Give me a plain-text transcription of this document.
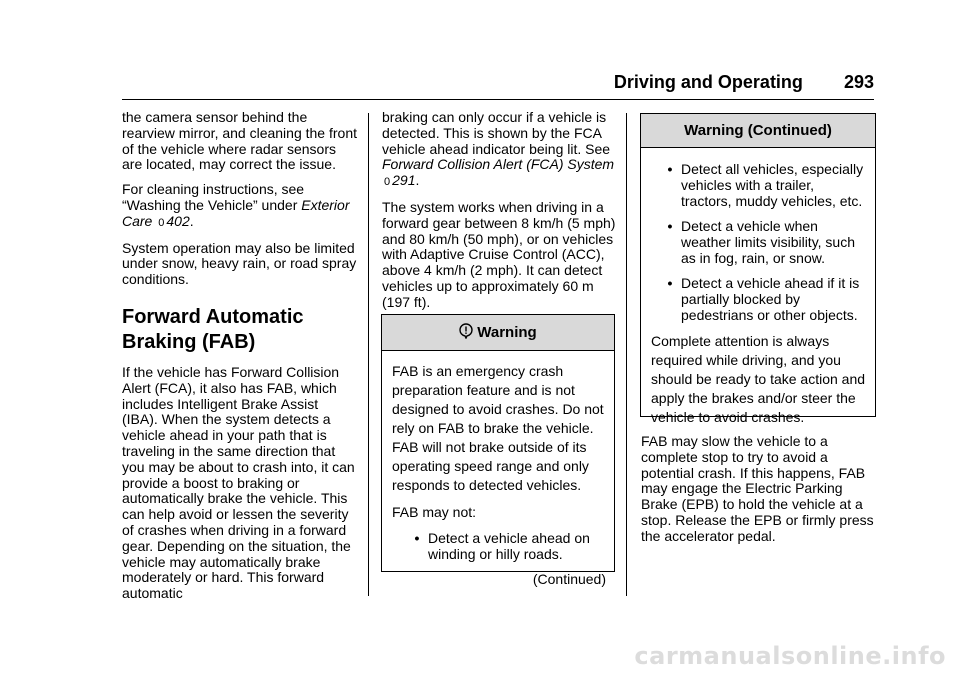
Driving and Operating 293

the camera sensor behind the rearview mirror, and cleaning the front of the vehicle where radar sensors are located, may correct the issue.

For cleaning instructions, see “Washing the Vehicle” under Exterior Care 0 402.

System operation may also be limited under snow, heavy rain, or road spray conditions.

Forward Automatic Braking (FAB)

If the vehicle has Forward Collision Alert (FCA), it also has FAB, which includes Intelligent Brake Assist (IBA). When the system detects a vehicle ahead in your path that is traveling in the same direction that you may be about to crash into, it can provide a boost to braking or automatically brake the vehicle. This can help avoid or lessen the severity of crashes when driving in a forward gear. Depending on the situation, the vehicle may automatically brake moderately or hard. This forward automatic

braking can only occur if a vehicle is detected. This is shown by the FCA vehicle ahead indicator being lit. See Forward Collision Alert (FCA) System 0 291.

The system works when driving in a forward gear between 8 km/h (5 mph) and 80 km/h (50 mph), or on vehicles with Adaptive Cruise Control (ACC), above 4 km/h (2 mph). It can detect vehicles up to approximately 60 m (197 ft).

Warning

FAB is an emergency crash preparation feature and is not designed to avoid crashes. Do not rely on FAB to brake the vehicle. FAB will not brake outside of its operating speed range and only responds to detected vehicles.

FAB may not:

• Detect a vehicle ahead on winding or hilly roads.
(Continued)
Warning (Continued)
• Detect all vehicles, especially vehicles with a trailer, tractors, muddy vehicles, etc.
• Detect a vehicle when weather limits visibility, such as in fog, rain, or snow.
• Detect a vehicle ahead if it is partially blocked by pedestrians or other objects.

Complete attention is always required while driving, and you should be ready to take action and apply the brakes and/or steer the vehicle to avoid crashes.

FAB may slow the vehicle to a complete stop to try to avoid a potential crash. If this happens, FAB may engage the Electric Parking Brake (EPB) to hold the vehicle at a stop. Release the EPB or firmly press the accelerator pedal.

carmanualsonline.info
